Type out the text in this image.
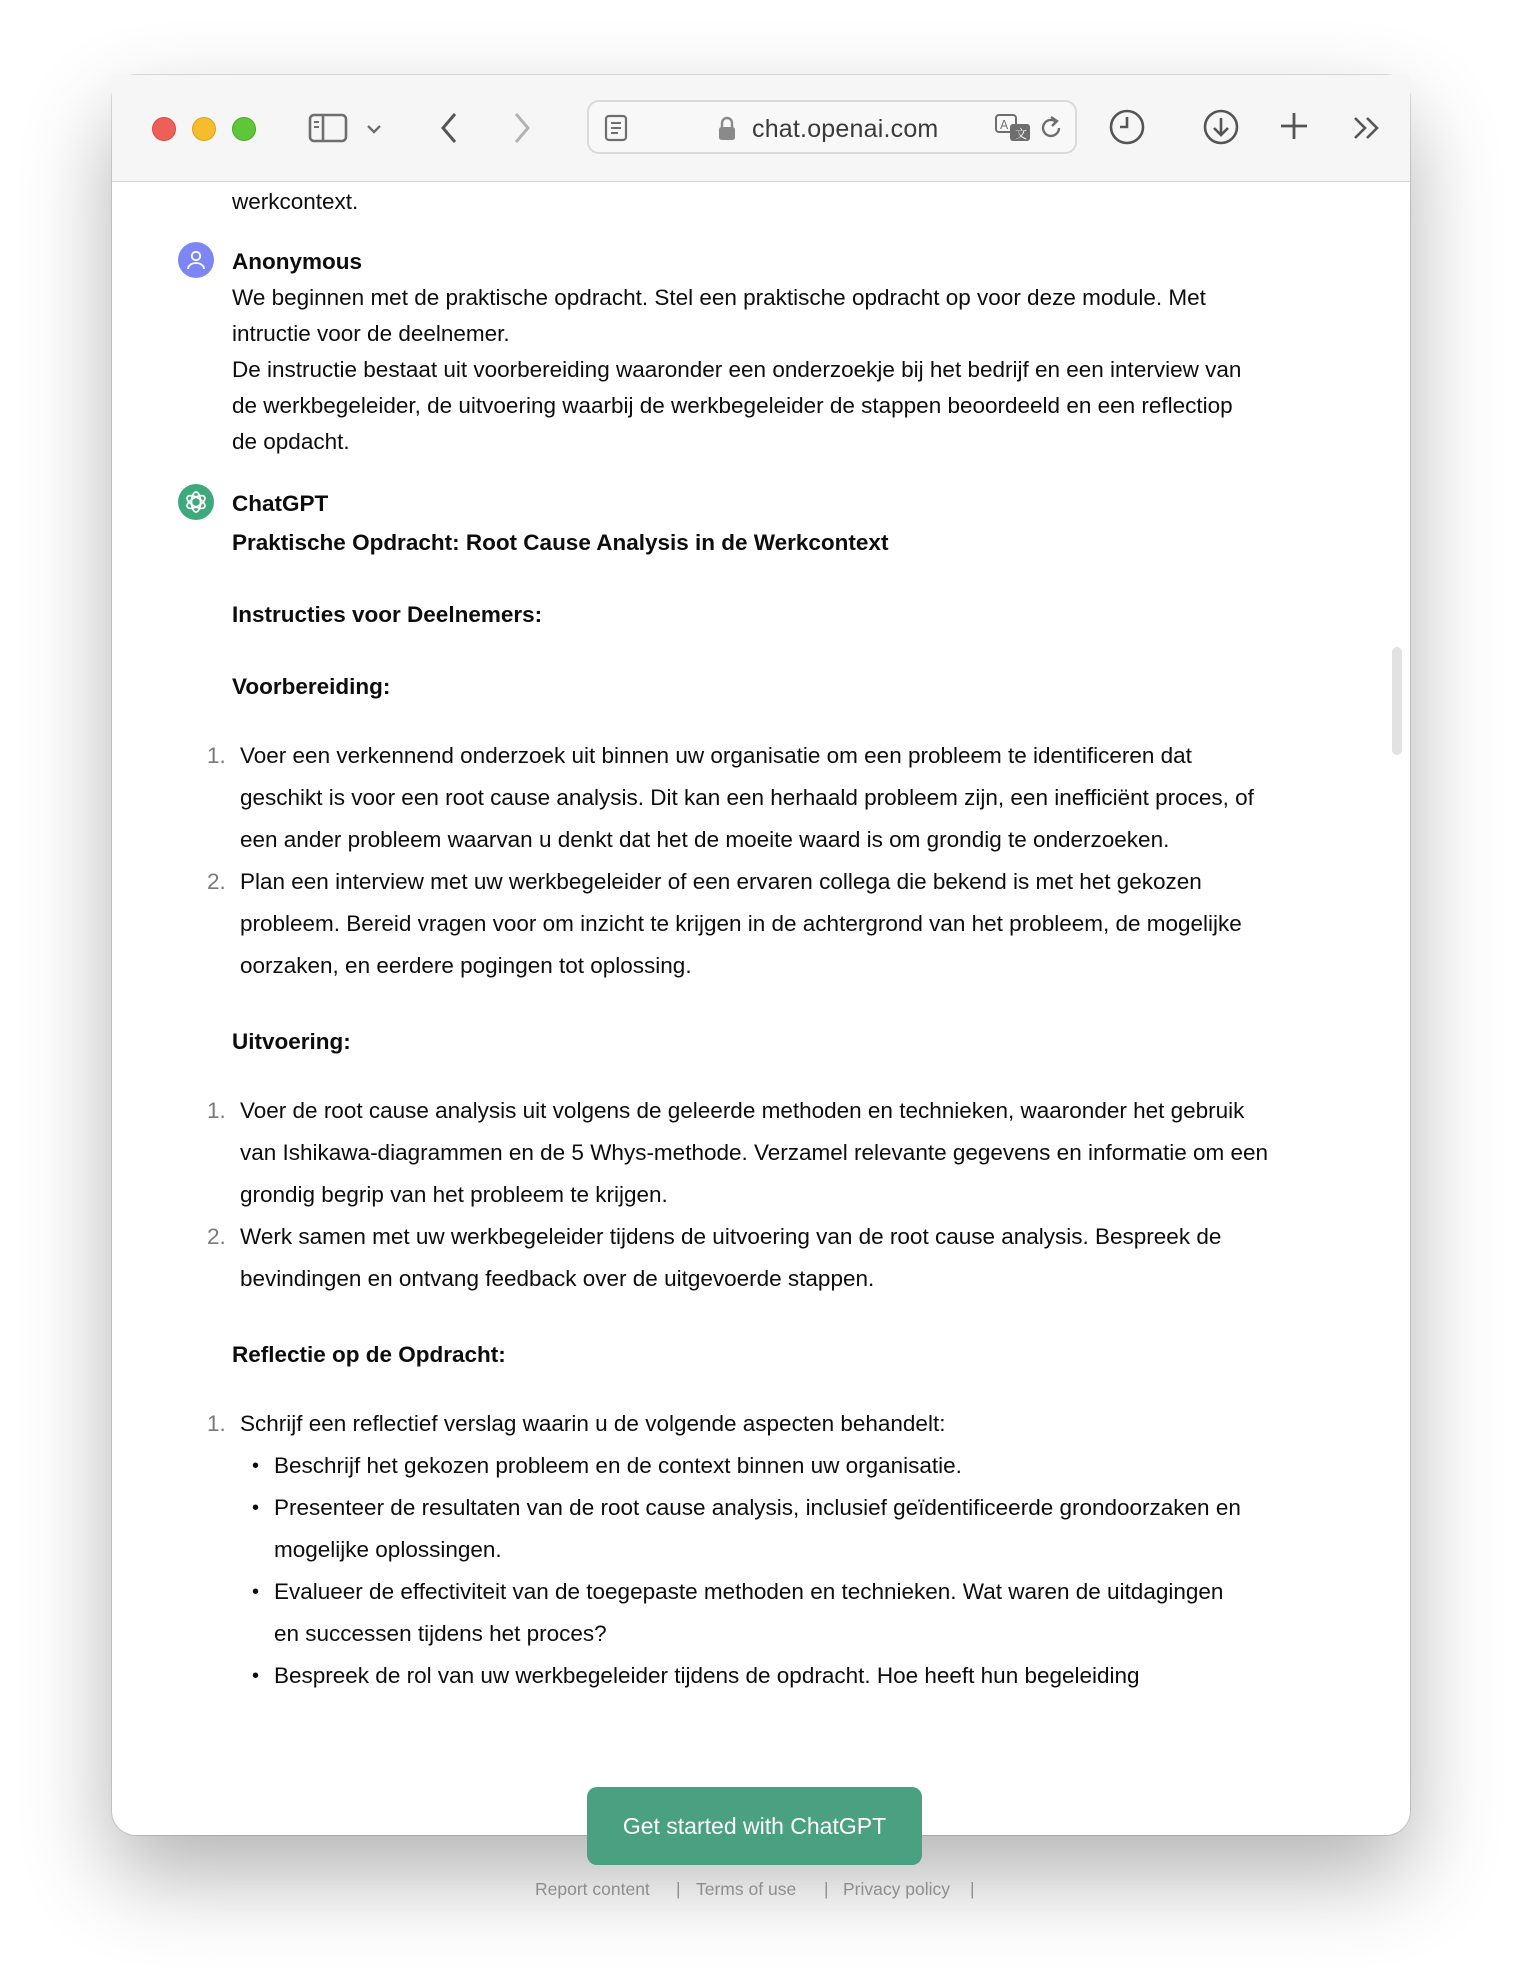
chat.openai.com	A
文
werkcontext.
Anonymous
We beginnen met de praktische opdracht. Stel een praktische opdracht op voor deze module. Met
intructie voor de deelnemer.
De instructie bestaat uit voorbereiding waaronder een onderzoekje bij het bedrijf en een interview van
de werkbegeleider, de uitvoering waarbij de werkbegeleider de stappen beoordeeld en een reflectiop
de opdacht.
ChatGPT
Praktische Opdracht: Root Cause Analysis in de Werkcontext
Instructies voor Deelnemers:
Voorbereiding:
1. Voer een verkennend onderzoek uit binnen uw organisatie om een probleem te identificeren dat
geschikt is voor een root cause analysis. Dit kan een herhaald probleem zijn, een inefficiënt proces, of
een ander probleem waarvan u denkt dat het de moeite waard is om grondig te onderzoeken.
2. Plan een interview met uw werkbegeleider of een ervaren collega die bekend is met het gekozen
probleem. Bereid vragen voor om inzicht te krijgen in de achtergrond van het probleem, de mogelijke
oorzaken, en eerdere pogingen tot oplossing.
Uitvoering:
1. Voer de root cause analysis uit volgens de geleerde methoden en technieken, waaronder het gebruik
van Ishikawa-diagrammen en de 5 Whys-methode. Verzamel relevante gegevens en informatie om een
grondig begrip van het probleem te krijgen.
2. Werk samen met uw werkbegeleider tijdens de uitvoering van de root cause analysis. Bespreek de
bevindingen en ontvang feedback over de uitgevoerde stappen.
Reflectie op de Opdracht:
1. Schrijf een reflectief verslag waarin u de volgende aspecten behandelt:
• Beschrijf het gekozen probleem en de context binnen uw organisatie.
• Presenteer de resultaten van de root cause analysis, inclusief geïdentificeerde grondoorzaken en
mogelijke oplossingen.
• Evalueer de effectiviteit van de toegepaste methoden en technieken. Wat waren de uitdagingen
en successen tijdens het proces?
• Bespreek de rol van uw werkbegeleider tijdens de opdracht. Hoe heeft hun begeleiding
Get started with ChatGPT
Report content | Terms of use | Privacy policy |
